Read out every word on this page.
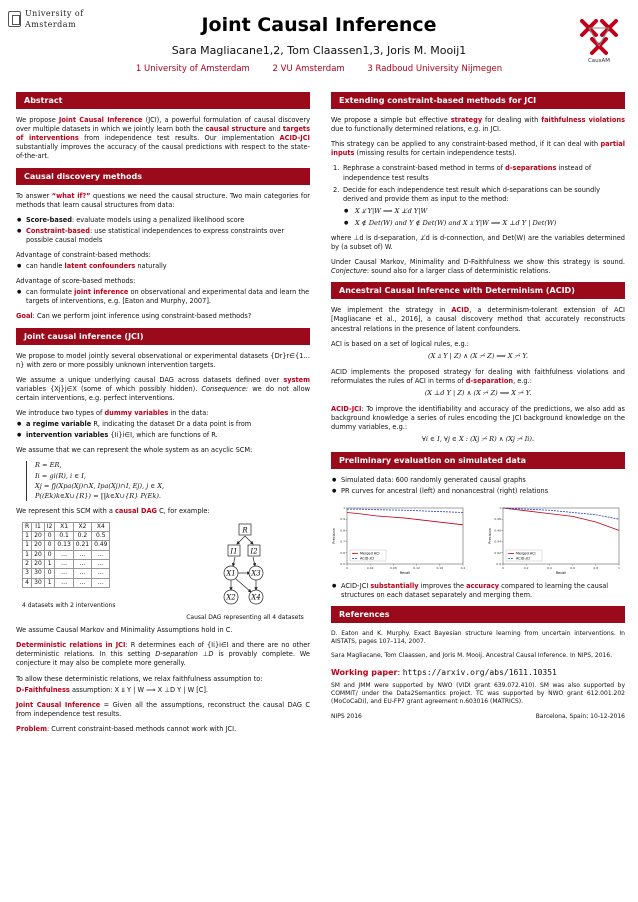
University of Amsterdam	Joint Causal Inference
Sara Magliacane1,2, Tom Claassen1,3, Joris M. Mooij1
1 University of Amsterdam	2 VU Amsterdam	3 Radboud University Nijmegen
CausAM
Abstract

We propose Joint Causal Inference (JCI), a powerful formulation of causal discovery over multiple datasets in which we jointly learn both the causal structure and targets of interventions from independence test results. Our implementation ACID-JCI substantially improves the accuracy of the causal predictions with respect to the state-of-the-art.

Causal discovery methods

To answer “what if?” questions we need the causal structure. Two main categories for methods that learn causal structures from data:

● Score-based: evaluate models using a penalized likelihood score
● Constraint-based: use statistical independences to express constraints over possible causal models

Advantage of constraint-based methods:

● can handle latent confounders naturally

Advantage of score-based methods:

● can formulate joint inference on observational and experimental data and learn the targets of interventions, e.g. [Eaton and Murphy, 2007].

Goal: Can we perform joint inference using constraint-based methods?

Joint causal inference (JCI)

We propose to model jointly several observational or experimental datasets {Dr}r∈{1…n} with zero or more possibly unknown intervention targets.

We assume a unique underlying causal DAG across datasets defined over system variables {Xj}j∈X (some of which possibly hidden). Consequence: we do not allow certain interventions, e.g. perfect interventions.

We introduce two types of dummy variables in the data:

● a regime variable R, indicating the dataset Dr a data point is from
● intervention variables {Ii}i∈I, which are functions of R.

We assume that we can represent the whole system as an acyclic SCM:

R = ER,
Ii = gi(R), i ∈ I,
Xj = fj(Xpa(Xj)∩X, Ipa(Xj)∩I, Ej), j ∈ X,
P((Ek)k∈X∪{R}) = ∏k∈X∪{R} P(Ek).

We represent this SCM with a causal DAG C, for example:

R	I1	I2	X1	X2	X4
1	20	0	0.1	0.2	0.5
1	20	0	0.13	0.21	0.49
1	20	0	…	…	…
2	20	1	…	…	…
3	30	0	…	…	…
4	30	1	…	…	…
4 datasets with 2 interventions
R
I1 I2
X1 X3
X2 X4
Causal DAG representing all 4 datasets

We assume Causal Markov and Minimality Assumptions hold in C.

Deterministic relations in JCI: R determines each of {Ii}i∈I and there are no other deterministic relations. In this setting D-separation ⊥D is provably complete. We conjecture it may also be complete more generally.

To allow these deterministic relations, we relax faithfulness assumption to:

D-Faithfulness assumption: X ⫫ Y | W ⟹ X ⊥D Y | W [C].

Joint Causal Inference = Given all the assumptions, reconstruct the causal DAG C from independence test results.

Problem: Current constraint-based methods cannot work with JCI.

Extending constraint-based methods for JCI

We propose a simple but effective strategy for dealing with faithfulness violations due to functionally determined relations, e.g. in JCI.

This strategy can be applied to any constraint-based method, if it can deal with partial inputs (missing results for certain independence tests).

1. Rephrase a constraint-based method in terms of d-separations instead of independence test results
2. Decide for each independence test result which d-separations can be soundly derived and provide them as input to the method:
● X ⫫̸ Y|W ⟹ X ⊥̸d Y|W
● X ∉ Det(W) and Y ∉ Det(W) and X ⫫ Y|W ⟹ X ⊥d Y | Det(W)

where ⊥d is d-separation, ⊥̸d is d-connection, and Det(W) are the variables determined by (a subset of) W.

Under Causal Markov, Minimality and D-Faithfulness we show this strategy is sound. Conjecture: sound also for a larger class of deterministic relations.

Ancestral Causal Inference with Determinism (ACID)

We implement the strategy in ACID, a determinism-tolerant extension of ACI [Magliacane et al., 2016], a causal discovery method that accurately reconstructs ancestral relations in the presence of latent confounders.

ACI is based on a set of logical rules, e.g.:

(X ⫫ Y | Z) ∧ (X ⇢̸ Z) ⟹ X ⇢̸ Y.

ACID implements the proposed strategy for dealing with faithfulness violations and reformulates the rules of ACI in terms of d-separation, e.g.:

(X ⊥d Y | Z) ∧ (X ⇢̸ Z) ⟹ X ⇢̸ Y.

ACID-JCI: To improve the identifiability and accuracy of the predictions, we also add as background knowledge a series of rules encoding the JCI background knowledge on the dummy variables, e.g.:

∀i ∈ I, ∀j ∈ X : (Xj ⇢̸ R) ∧ (Xj ⇢̸ Ii).
Preliminary evaluation on simulated data
● Simulated data: 600 randomly generated causal graphs
● PR curves for ancestral (left) and nonancestral (right) relations
0
0.5
0.04
0.6
0.08
0.7
0.12
0.8
0.16
0.9
0.2
1
Recall
Precision
Merged ACI
ACID-JCI
0
0.9
0.2
0.92
0.4
0.94
0.6
0.96
0.8
0.98
1
1
Recall
Precision
Merged ACI
ACID-JCI
● ACID-JCI substantially improves the accuracy compared to learning the causal structures on each dataset separately and merging them.
References

D. Eaton and K. Murphy. Exact Bayesian structure learning from uncertain interventions. In AISTATS, pages 107–114, 2007.

Sara Magliacane, Tom Claassen, and Joris M. Mooij. Ancestral Causal Inference. In NIPS, 2016.

Working paper: https://arxiv.org/abs/1611.10351

SM and JMM were supported by NWO (VIDI grant 639.072.410). SM was also supported by COMMIT/ under the Data2Semantics project. TC was supported by NWO grant 612.001.202 (MoCoCaDi), and EU-FP7 grant agreement n.603016 (MATRICS).

NIPS 2016	Barcelona, Spain; 10-12-2016
